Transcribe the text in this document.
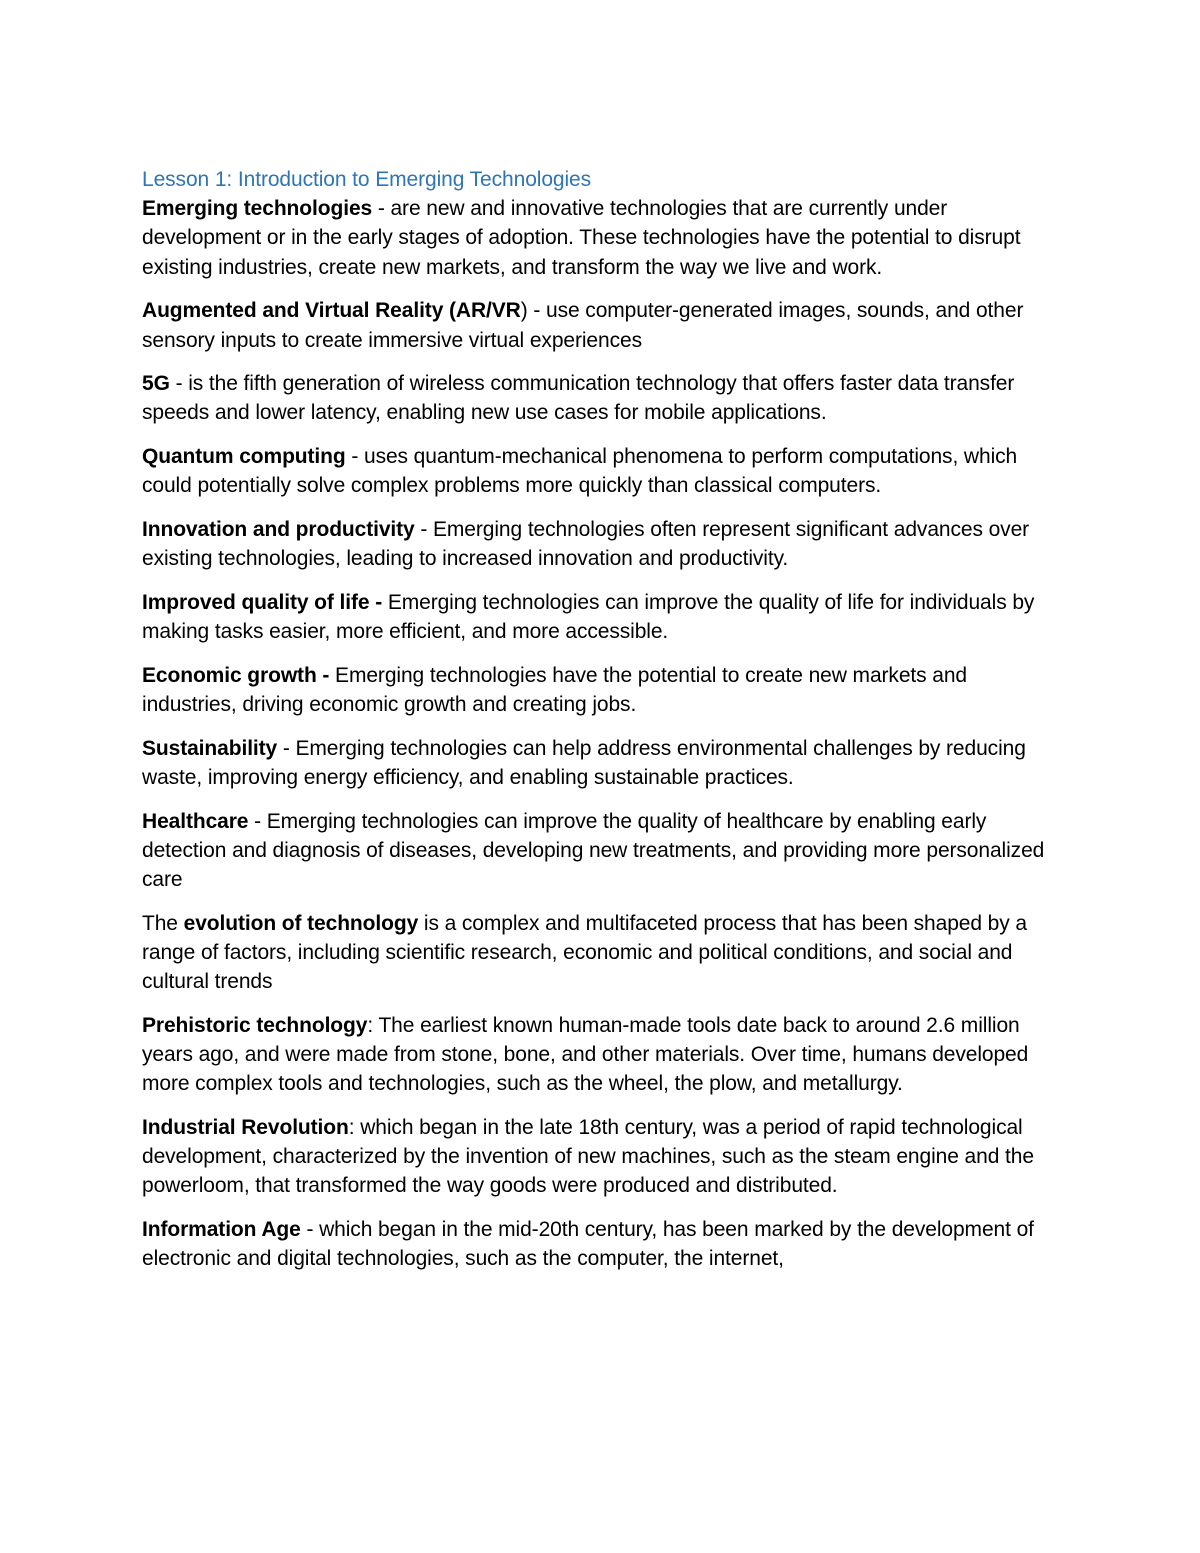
Lesson 1: Introduction to Emerging Technologies

Emerging technologies - are new and innovative technologies that are currently under development or in the early stages of adoption. These technologies have the potential to disrupt existing industries, create new markets, and transform the way we live and work.

Augmented and Virtual Reality (AR/VR) - use computer-generated images, sounds, and other sensory inputs to create immersive virtual experiences

5G - is the fifth generation of wireless communication technology that offers faster data transfer speeds and lower latency, enabling new use cases for mobile applications.

Quantum computing - uses quantum-mechanical phenomena to perform computations, which could potentially solve complex problems more quickly than classical computers.

Innovation and productivity - Emerging technologies often represent significant advances over existing technologies, leading to increased innovation and productivity.

Improved quality of life - Emerging technologies can improve the quality of life for individuals by making tasks easier, more efficient, and more accessible.

Economic growth - Emerging technologies have the potential to create new markets and industries, driving economic growth and creating jobs.

Sustainability - Emerging technologies can help address environmental challenges by reducing waste, improving energy efficiency, and enabling sustainable practices.

Healthcare - Emerging technologies can improve the quality of healthcare by enabling early detection and diagnosis of diseases, developing new treatments, and providing more personalized care

The evolution of technology is a complex and multifaceted process that has been shaped by a range of factors, including scientific research, economic and political conditions, and social and cultural trends

Prehistoric technology: The earliest known human-made tools date back to around 2.6 million years ago, and were made from stone, bone, and other materials. Over time, humans developed more complex tools and technologies, such as the wheel, the plow, and metallurgy.

Industrial Revolution: which began in the late 18th century, was a period of rapid technological development, characterized by the invention of new machines, such as the steam engine and the powerloom, that transformed the way goods were produced and distributed.

Information Age - which began in the mid-20th century, has been marked by the development of electronic and digital technologies, such as the computer, the internet,
